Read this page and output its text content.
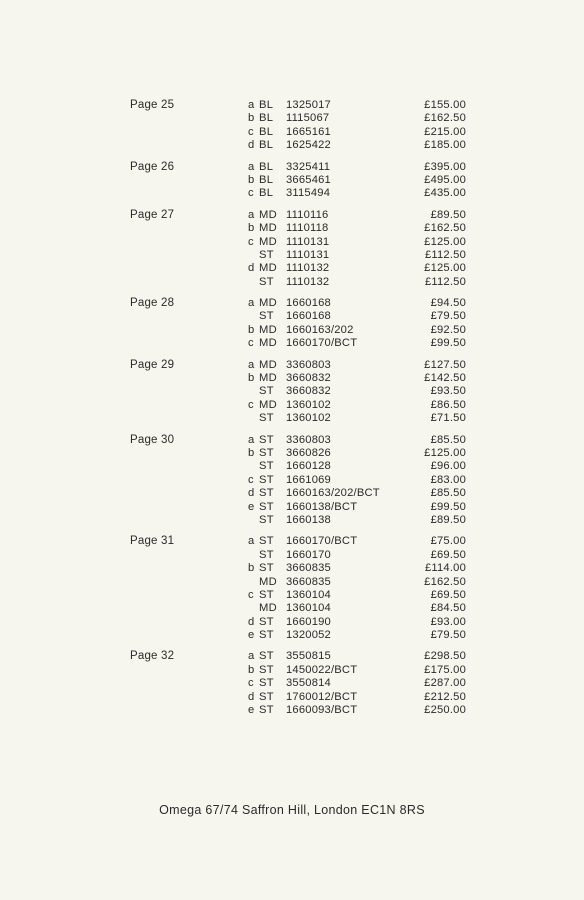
Page 25	a BL	1325017	£155.00
b BL	1115067	£162.50
c BL	1665161	£215.00
d BL	1625422	£185.00
Page 26	a BL	3325411	£395.00
b BL	3665461	£495.00
c BL	3115494	£435.00
Page 27	a MD 1110116	£89.50
b MD 1110118	£162.50
c MD 1110131	£125.00
ST	1110131	£112.50
d MD 1110132	£125.00
ST	1110132	£112.50
Page 28	a MD 1660168	£94.50
ST	1660168	£79.50
b MD 1660163/202	£92.50
c MD 1660170/BCT	£99.50
Page 29	a MD 3360803	£127.50
b MD 3660832	£142.50
ST	3660832	£93.50
c MD 1360102	£86.50
ST	1360102	£71.50
Page 30	a ST	3360803	£85.50
b ST	3660826	£125.00
ST	1660128	£96.00
c ST	1661069	£83.00
d ST	1660163/202/BCT	£85.50
e ST	1660138/BCT	£99.50
ST	1660138	£89.50
Page 31	a ST	1660170/BCT	£75.00
ST	1660170	£69.50
b ST	3660835	£114.00
MD 3660835	£162.50
c ST	1360104	£69.50
MD 1360104	£84.50
d ST	1660190	£93.00
e ST	1320052	£79.50
Page 32	a ST	3550815	£298.50
b ST	1450022/BCT	£175.00
c ST	3550814	£287.00
d ST	1760012/BCT	£212.50
e ST	1660093/BCT	£250.00
Omega 67/74 Saffron Hill, London EC1N 8RS
